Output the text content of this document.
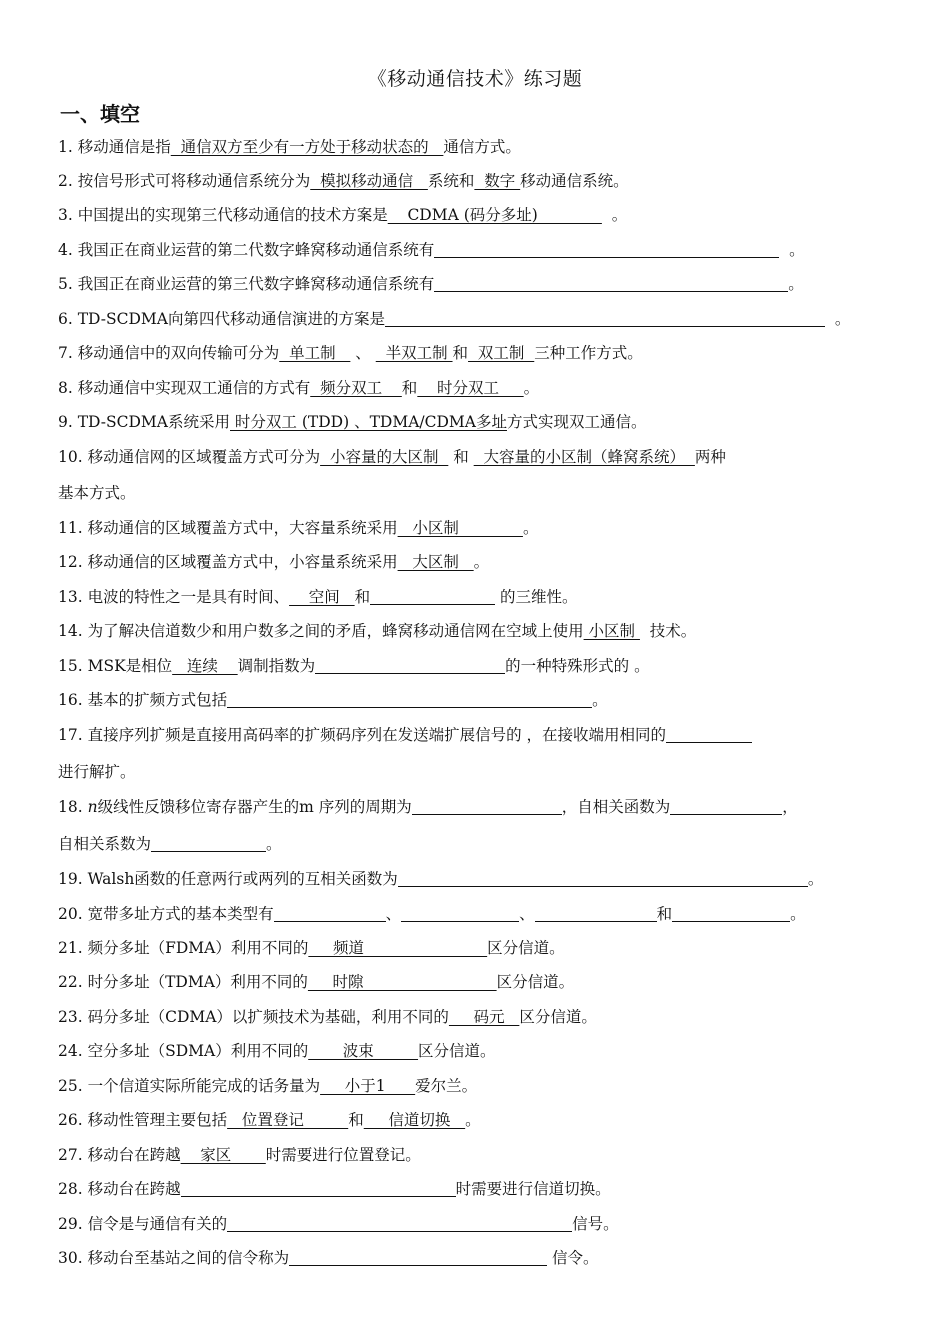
《移动通信技术》练习题
一、填空
1. 移动通信是指  通信双方至少有一方处于移动状态的   通信方式。
2. 按信号形式可将移动通信系统分为  模拟移动通信   系统和  数字 移动通信系统。
3. 中国提出的实现第三代移动通信的技术方案是    CDMA (码分多址)               。
4. 我国正在商业运营的第二代数字蜂窝移动通信系统有	。
5. 我国正在商业运营的第三代数字蜂窝移动通信系统有	。
6. TD-SCDMA向第四代移动通信演进的方案是	。
7. 移动通信中的双向传输可分为  单工制    、   半双工制 和  双工制  三种工作方式。
8. 移动通信中实现双工通信的方式有  频分双工    和    时分双工     。
9. TD-SCDMA系统采用 时分双工 (TDD) 、TDMA/CDMA多址方式实现双工通信。
10. 移动通信网的区域覆盖方式可分为  小容量的大区制   和   大容量的小区制（蜂窝系统）  两种
基本方式。
11. 移动通信的区域覆盖方式中，大容量系统采用   小区制             。
12. 移动通信的区域覆盖方式中，小容量系统采用   大区制   。
13. 电波的特性之一是具有时间、    空间   和	的三维性。
14. 为了解决信道数少和用户数多之间的矛盾，蜂窝移动通信网在空域上使用 小区制   技术。
15. MSK是相位   连续    调制指数为	的一种特殊形式的 。
16. 基本的扩频方式包括	。
17. 直接序列扩频是直接用高码率的扩频码序列在发送端扩展信号的 ，在接收端用相同的
进行解扩。
18. n级线性反馈移位寄存器产生的m 序列的周期为	，自相关函数为	，
自相关系数为	。
19. Walsh函数的任意两行或两列的互相关函数为	。
20. 宽带多址方式的基本类型有	、	、	和	。
21. 频分多址（FDMA）利用不同的     频道                         区分信道。
22. 时分多址（TDMA）利用不同的     时隙                           区分信道。
23. 码分多址（CDMA）以扩频技术为基础，利用不同的     码元   区分信道。
24. 空分多址（SDMA）利用不同的       波束         区分信道。
25. 一个信道实际所能完成的话务量为     小于1      爱尔兰。
26. 移动性管理主要包括   位置登记         和     信道切换   。
27. 移动台在跨越    家区       时需要进行位置登记。
28. 移动台在跨越	时需要进行信道切换。
29. 信令是与通信有关的	信号。
30. 移动台至基站之间的信令称为	信令。
